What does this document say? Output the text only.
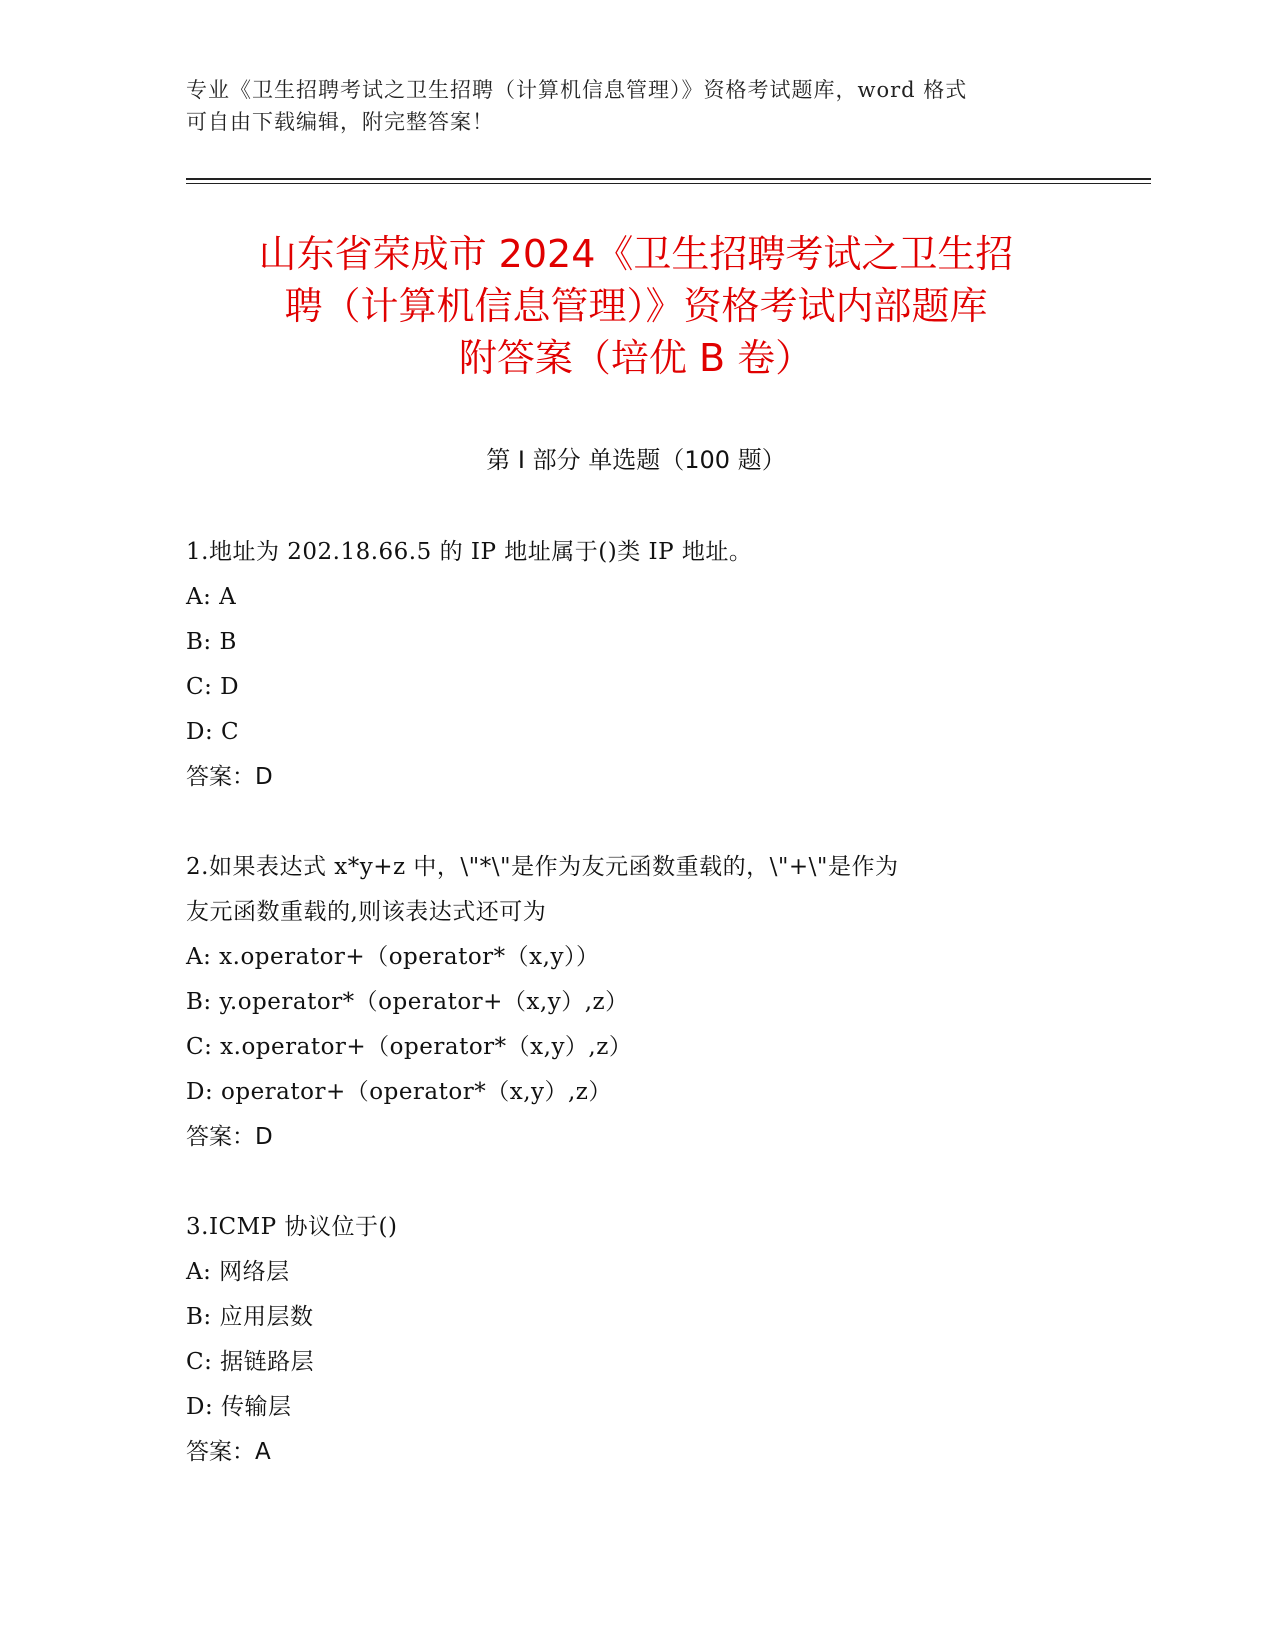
专业《卫生招聘考试之卫生招聘（计算机信息管理）》资格考试题库，word 格式
可自由下载编辑，附完整答案！
山东省荣成市 2024《卫生招聘考试之卫生招
聘（计算机信息管理）》资格考试内部题库
附答案（培优 B 卷）
第 I 部分 单选题（100 题）
1.地址为 202.18.66.5 的 IP 地址属于()类 IP 地址。
A: A
B: B
C: D
D: C
答案：D
2.如果表达式 x*y+z 中，\"*\"是作为友元函数重载的，\"+\"是作为
友元函数重载的,则该表达式还可为
A: x.operator+（operator*（x,y））
B: y.operator*（operator+（x,y）,z）
C: x.operator+（operator*（x,y）,z）
D: operator+（operator*（x,y）,z）
答案：D
3.ICMP 协议位于()
A: 网络层
B: 应用层数
C: 据链路层
D: 传输层
答案：A
